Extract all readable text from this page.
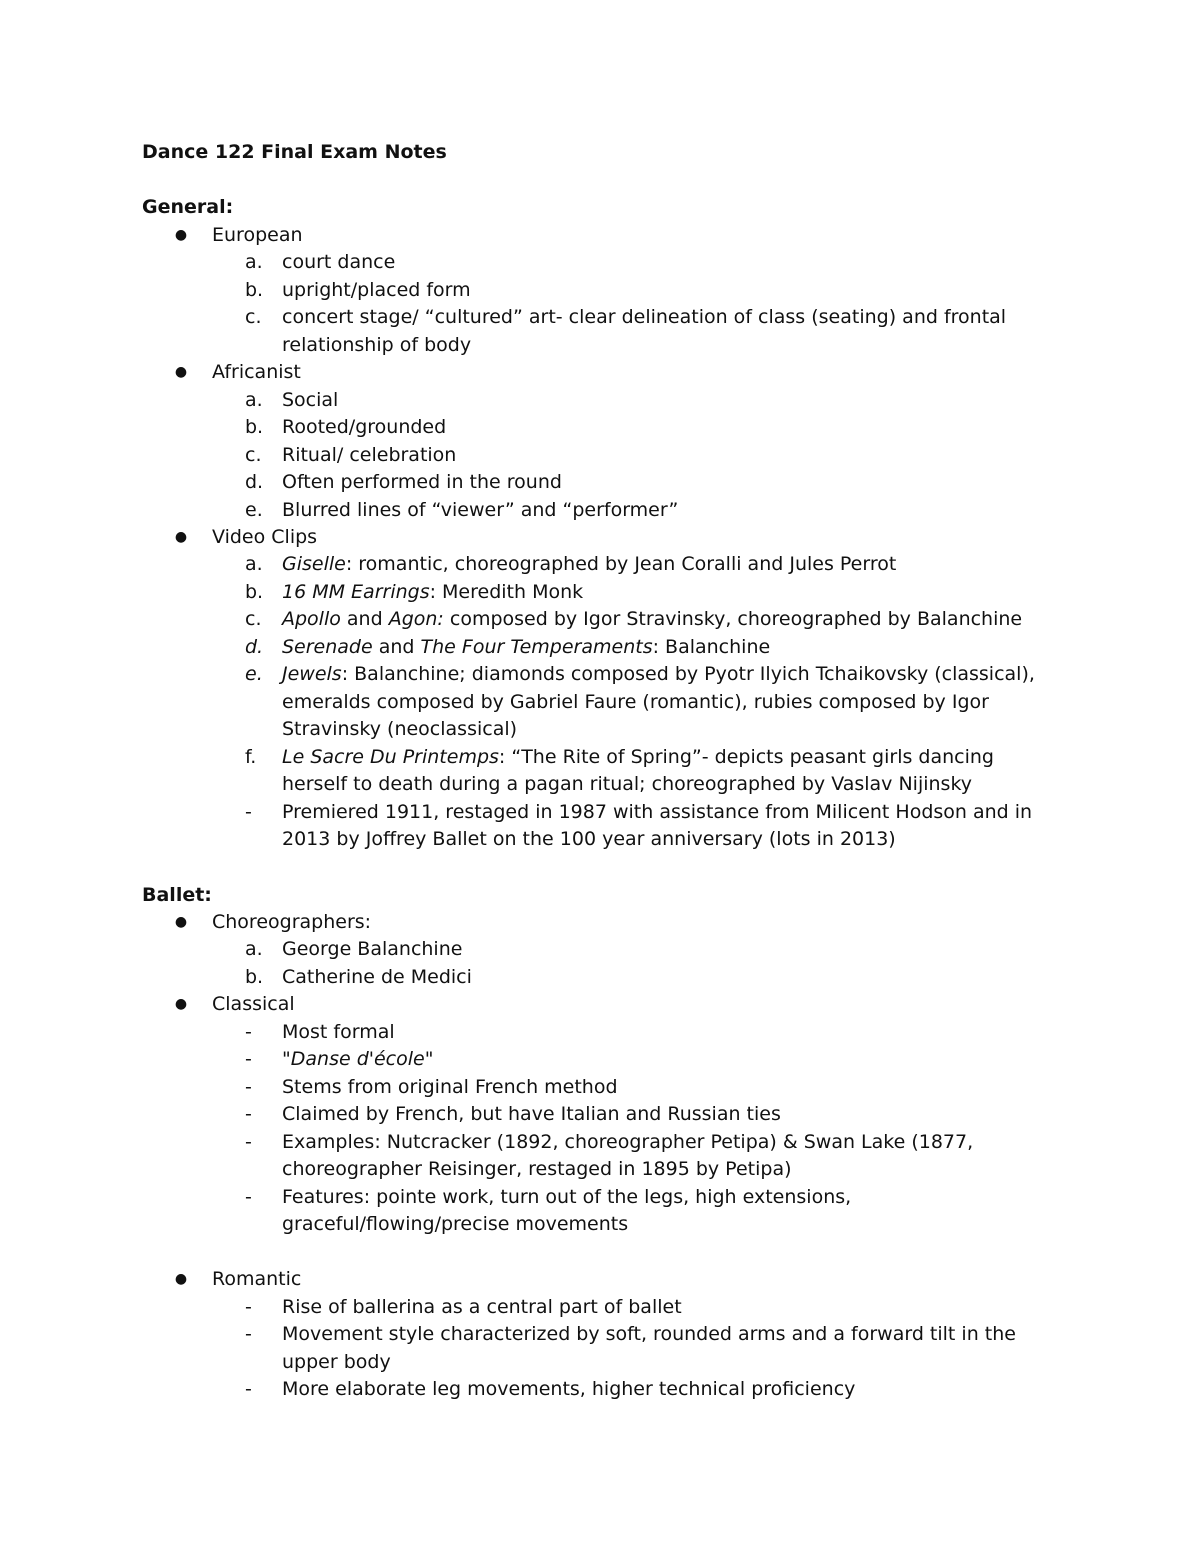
Dance 122 Final Exam Notes
General:
● European
a.	court dance
b. upright/placed form
c.	concert stage/ “cultured” art- clear delineation of class (seating) and frontal
relationship of body
● Africanist
a.	Social
b. Rooted/grounded
c.	Ritual/ celebration
d. Often performed in the round
e.	Blurred lines of “viewer” and “performer”
● Video Clips
a.	Giselle: romantic, choreographed by Jean Coralli and Jules Perrot
b. 16 MM Earrings: Meredith Monk
c.	Apollo and Agon: composed by Igor Stravinsky, choreographed by Balanchine
d. Serenade and The Four Temperaments: Balanchine
e.	Jewels: Balanchine; diamonds composed by Pyotr Ilyich Tchaikovsky (classical),
emeralds composed by Gabriel Faure (romantic), rubies composed by Igor
Stravinsky (neoclassical)
f.	Le Sacre Du Printemps: “The Rite of Spring”- depicts peasant girls dancing
herself to death during a pagan ritual; choreographed by Vaslav Nijinsky
-	Premiered 1911, restaged in 1987 with assistance from Milicent Hodson and in
2013 by Joffrey Ballet on the 100 year anniversary (lots in 2013)
Ballet:
● Choreographers:
a.	George Balanchine
b. Catherine de Medici
● Classical
-	Most formal
-	"Danse d'école"
-	Stems from original French method
-	Claimed by French, but have Italian and Russian ties
-	Examples: Nutcracker (1892, choreographer Petipa) & Swan Lake (1877,
choreographer Reisinger, restaged in 1895 by Petipa)
-	Features: pointe work, turn out of the legs, high extensions,
graceful/flowing/precise movements
● Romantic
-	Rise of ballerina as a central part of ballet
-	Movement style characterized by soft, rounded arms and a forward tilt in the
upper body
-	More elaborate leg movements, higher technical proficiency
